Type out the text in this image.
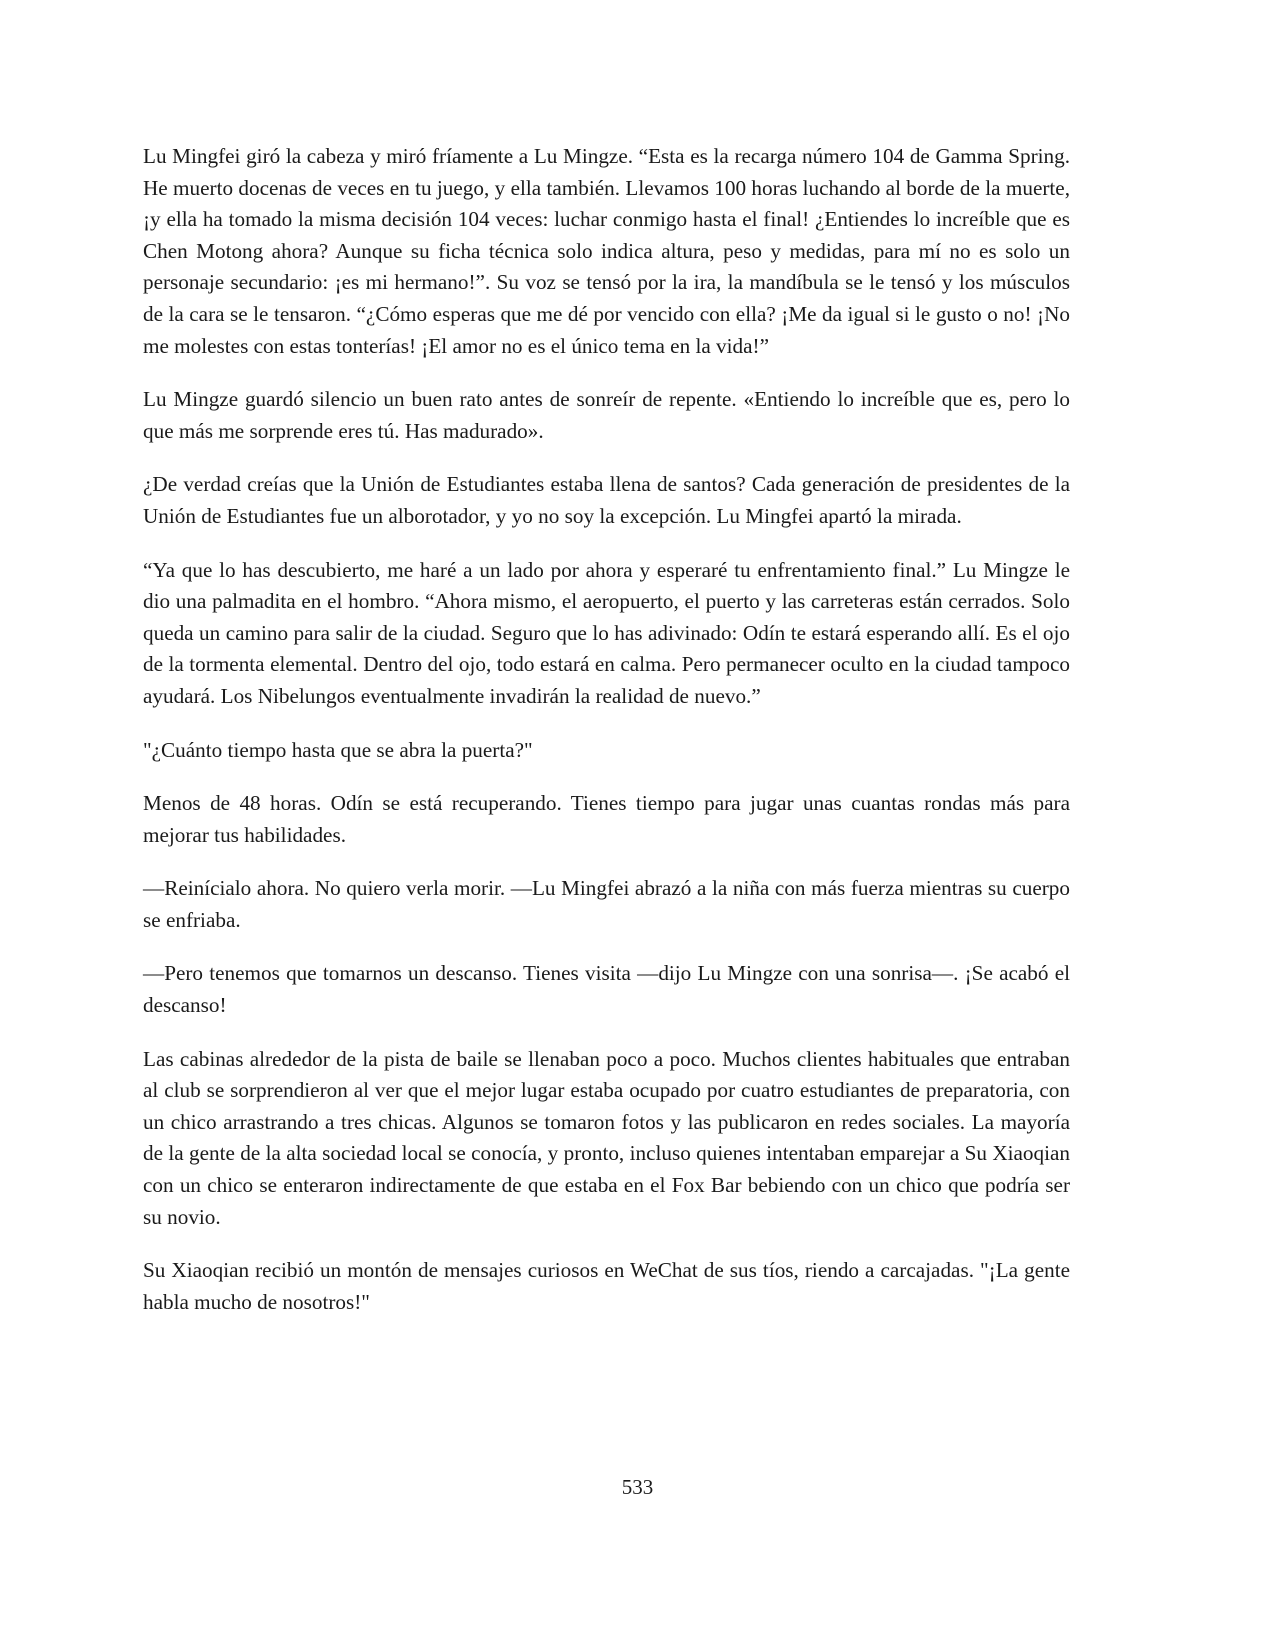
Lu Mingfei giró la cabeza y miró fríamente a Lu Mingze. “Esta es la recarga número 104 de Gamma Spring. He muerto docenas de veces en tu juego, y ella también. Llevamos 100 horas luchando al borde de la muerte, ¡y ella ha tomado la misma decisión 104 veces: luchar conmigo hasta el final! ¿Entiendes lo increíble que es Chen Motong ahora? Aunque su ficha técnica solo indica altura, peso y medidas, para mí no es solo un personaje secundario: ¡es mi hermano!”. Su voz se tensó por la ira, la mandíbula se le tensó y los músculos de la cara se le tensaron. “¿Cómo esperas que me dé por vencido con ella? ¡Me da igual si le gusto o no! ¡No me molestes con estas tonterías! ¡El amor no es el único tema en la vida!”

Lu Mingze guardó silencio un buen rato antes de sonreír de repente. «Entiendo lo increíble que es, pero lo que más me sorprende eres tú. Has madurado».

¿De verdad creías que la Unión de Estudiantes estaba llena de santos? Cada generación de presidentes de la Unión de Estudiantes fue un alborotador, y yo no soy la excepción. Lu Mingfei apartó la mirada.

“Ya que lo has descubierto, me haré a un lado por ahora y esperaré tu enfrentamiento final.” Lu Mingze le dio una palmadita en el hombro. “Ahora mismo, el aeropuerto, el puerto y las carreteras están cerrados. Solo queda un camino para salir de la ciudad. Seguro que lo has adivinado: Odín te estará esperando allí. Es el ojo de la tormenta elemental. Dentro del ojo, todo estará en calma. Pero permanecer oculto en la ciudad tampoco ayudará. Los Nibelungos eventualmente invadirán la realidad de nuevo.”

"¿Cuánto tiempo hasta que se abra la puerta?"

Menos de 48 horas. Odín se está recuperando. Tienes tiempo para jugar unas cuantas rondas más para mejorar tus habilidades.

—Reinícialo ahora. No quiero verla morir. —Lu Mingfei abrazó a la niña con más fuerza mientras su cuerpo se enfriaba.

—Pero tenemos que tomarnos un descanso. Tienes visita —dijo Lu Mingze con una sonrisa—. ¡Se acabó el descanso!

Las cabinas alrededor de la pista de baile se llenaban poco a poco. Muchos clientes habituales que entraban al club se sorprendieron al ver que el mejor lugar estaba ocupado por cuatro estudiantes de preparatoria, con un chico arrastrando a tres chicas. Algunos se tomaron fotos y las publicaron en redes sociales. La mayoría de la gente de la alta sociedad local se conocía, y pronto, incluso quienes intentaban emparejar a Su Xiaoqian con un chico se enteraron indirectamente de que estaba en el Fox Bar bebiendo con un chico que podría ser su novio.

Su Xiaoqian recibió un montón de mensajes curiosos en WeChat de sus tíos, riendo a carcajadas. "¡La gente habla mucho de nosotros!"

533
